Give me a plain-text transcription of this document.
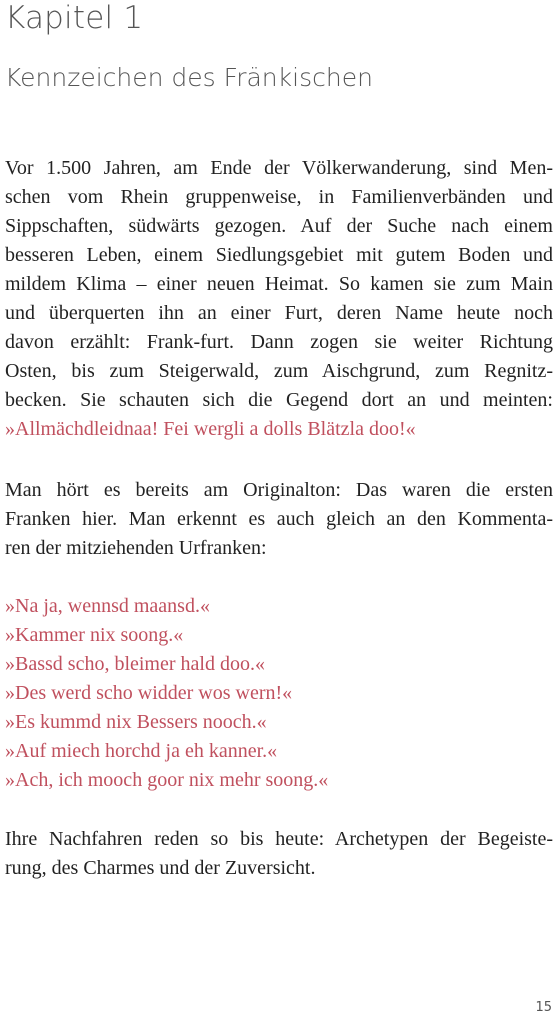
Kapitel 1
Kennzeichen des Fränkischen
Vor 1.500 Jahren, am Ende der Völkerwanderung, sind Men-
schen vom Rhein gruppenweise, in Familienverbänden und
Sippschaften, südwärts gezogen. Auf der Suche nach einem
besseren Leben, einem Siedlungsgebiet mit gutem Boden und
mildem Klima – einer neuen Heimat. So kamen sie zum Main
und überquerten ihn an einer Furt, deren Name heute noch
davon erzählt: Frank-furt. Dann zogen sie weiter Richtung
Osten, bis zum Steigerwald, zum Aischgrund, zum Regnitz-
becken. Sie schauten sich die Gegend dort an und meinten:
»Allmächdleidnaa! Fei wergli a dolls Blätzla doo!«
Man hört es bereits am Originalton: Das waren die ersten
Franken hier. Man erkennt es auch gleich an den Kommenta-
ren der mitziehenden Urfranken:
»Na ja, wennsd maansd.«
»Kammer nix soong.«
»Bassd scho, bleimer hald doo.«
»Des werd scho widder wos wern!«
»Es kummd nix Bessers nooch.«
»Auf miech horchd ja eh kanner.«
»Ach, ich mooch goor nix mehr soong.«
Ihre Nachfahren reden so bis heute: Archetypen der Begeiste-
rung, des Charmes und der Zuversicht.
15
